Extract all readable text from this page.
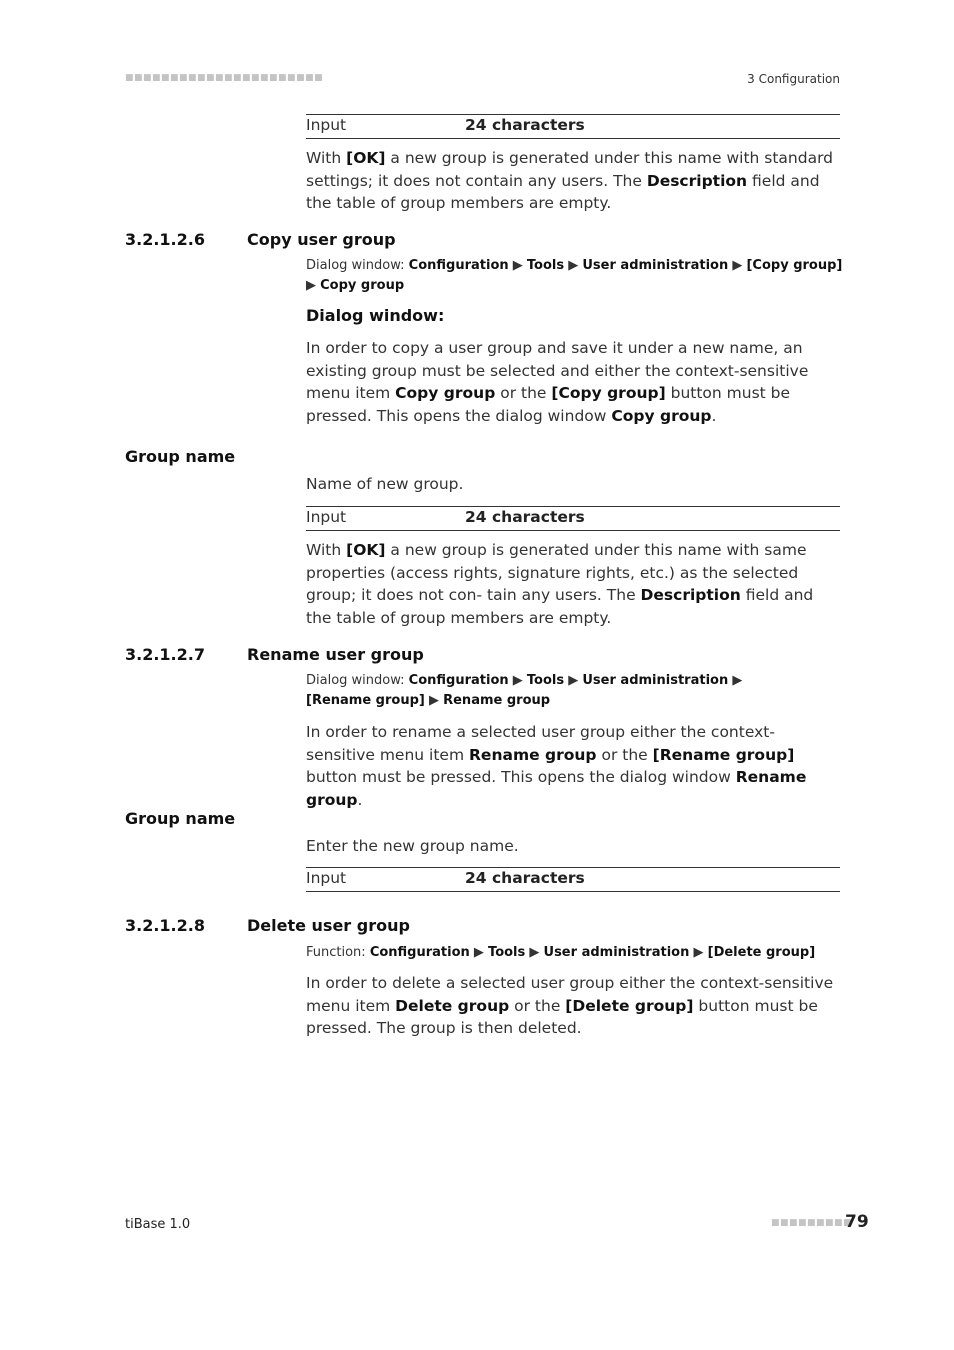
■■■■■■■■■■■■■■■■■■■■■■	3 Configuration
Input	24 characters
With [OK] a new group is generated under this name with standard settings; it does not contain any users. The Description field and the table of group members are empty.
3.2.1.2.6	Copy user group
Dialog window: Configuration ▶ Tools ▶ User administration ▶ [Copy group] ▶ Copy group
Dialog window:
In order to copy a user group and save it under a new name, an existing group must be selected and either the context-sensitive menu item Copy group or the [Copy group] button must be pressed. This opens the dialog window Copy group.
Group name
Name of new group.
Input	24 characters
With [OK] a new group is generated under this name with same properties (access rights, signature rights, etc.) as the selected group; it does not con- tain any users. The Description field and the table of group members are empty.
3.2.1.2.7	Rename user group
Dialog window: Configuration ▶ Tools ▶ User administration ▶ [Rename group] ▶ Rename group
In order to rename a selected user group either the context-sensitive menu item Rename group or the [Rename group] button must be pressed. This opens the dialog window Rename group.
Group name
Enter the new group name.
Input	24 characters
3.2.1.2.8	Delete user group
Function: Configuration ▶ Tools ▶ User administration ▶ [Delete group]
In order to delete a selected user group either the context-sensitive menu item Delete group or the [Delete group] button must be pressed. The group is then deleted.
tiBase 1.0	■■■■■■■■■
79
